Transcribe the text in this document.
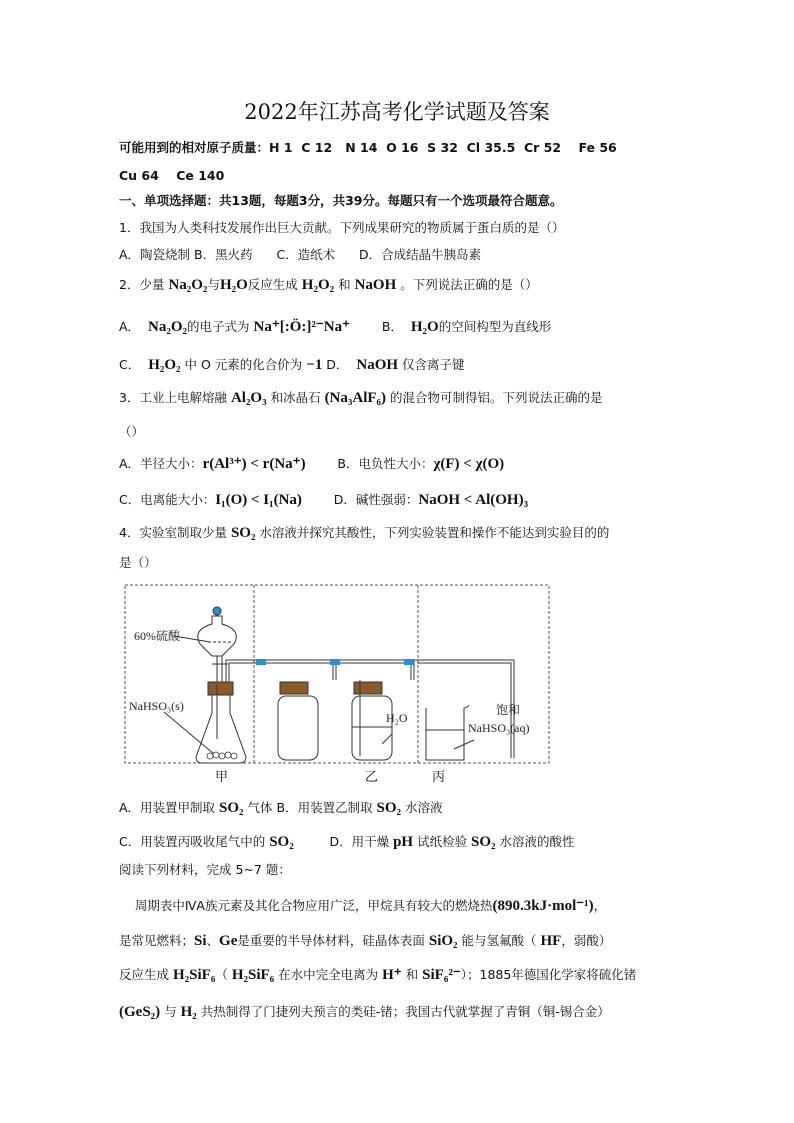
2022年江苏高考化学试题及答案
可能用到的相对原子质量：H 1  C 12   N 14  O 16  S 32  Cl 35.5  Cr 52    Fe 56
Cu 64    Ce 140
一、单项选择题：共13题，每题3分，共39分。每题只有一个选项最符合题意。
1．我国为人类科技发展作出巨大贡献。下列成果研究的物质属于蛋白质的是（）
A．陶瓷烧制 B．黑火药      C．造纸术      D．合成结晶牛胰岛素
2．少量 Na₂O₂与H₂O反应生成 H₂O₂ 和 NaOH 。下列说法正确的是（）
A．  Na₂O₂的电子式为 Na⁺[:Ö:]²⁻Na⁺        B．  H₂O的空间构型为直线形
C．  H₂O₂ 中 O 元素的化合价为 −1 D．  NaOH 仅含离子键
3．工业上电解熔融 Al₂O₃ 和冰晶石 (Na₃AlF₆) 的混合物可制得铝。下列说法正确的是
（）
A．半径大小：r(Al³⁺) < r(Na⁺)        B．电负性大小：χ(F) < χ(O)
C．电离能大小：I₁(O) < I₁(Na)        D．碱性强弱：NaOH < Al(OH)₃
4．实验室制取少量 SO₂ 水溶液并探究其酸性，下列实验装置和操作不能达到实验目的的
是（）
60%硫酸
NaHSO₃(s)
H₂O
饱和
NaHSO₃(aq)
甲	乙	丙
A．用装置甲制取 SO₂ 气体 B．用装置乙制取 SO₂ 水溶液
C．用装置丙吸收尾气中的 SO₂         D．用干燥 pH 试纸检验 SO₂ 水溶液的酸性
阅读下列材料，完成 5~7 题：
周期表中ⅣA族元素及其化合物应用广泛，甲烷具有较大的燃烧热(890.3kJ·mol⁻¹)，
是常见燃料；Si、Ge是重要的半导体材料，硅晶体表面 SiO₂ 能与氢氟酸（ HF，弱酸）
反应生成 H₂SiF₆（ H₂SiF₆ 在水中完全电离为 H⁺ 和 SiF₆²⁻）；1885年德国化学家将硫化锗
(GeS₂) 与 H₂ 共热制得了门捷列夫预言的类硅-锗；我国古代就掌握了青铜（铜-锡合金）
